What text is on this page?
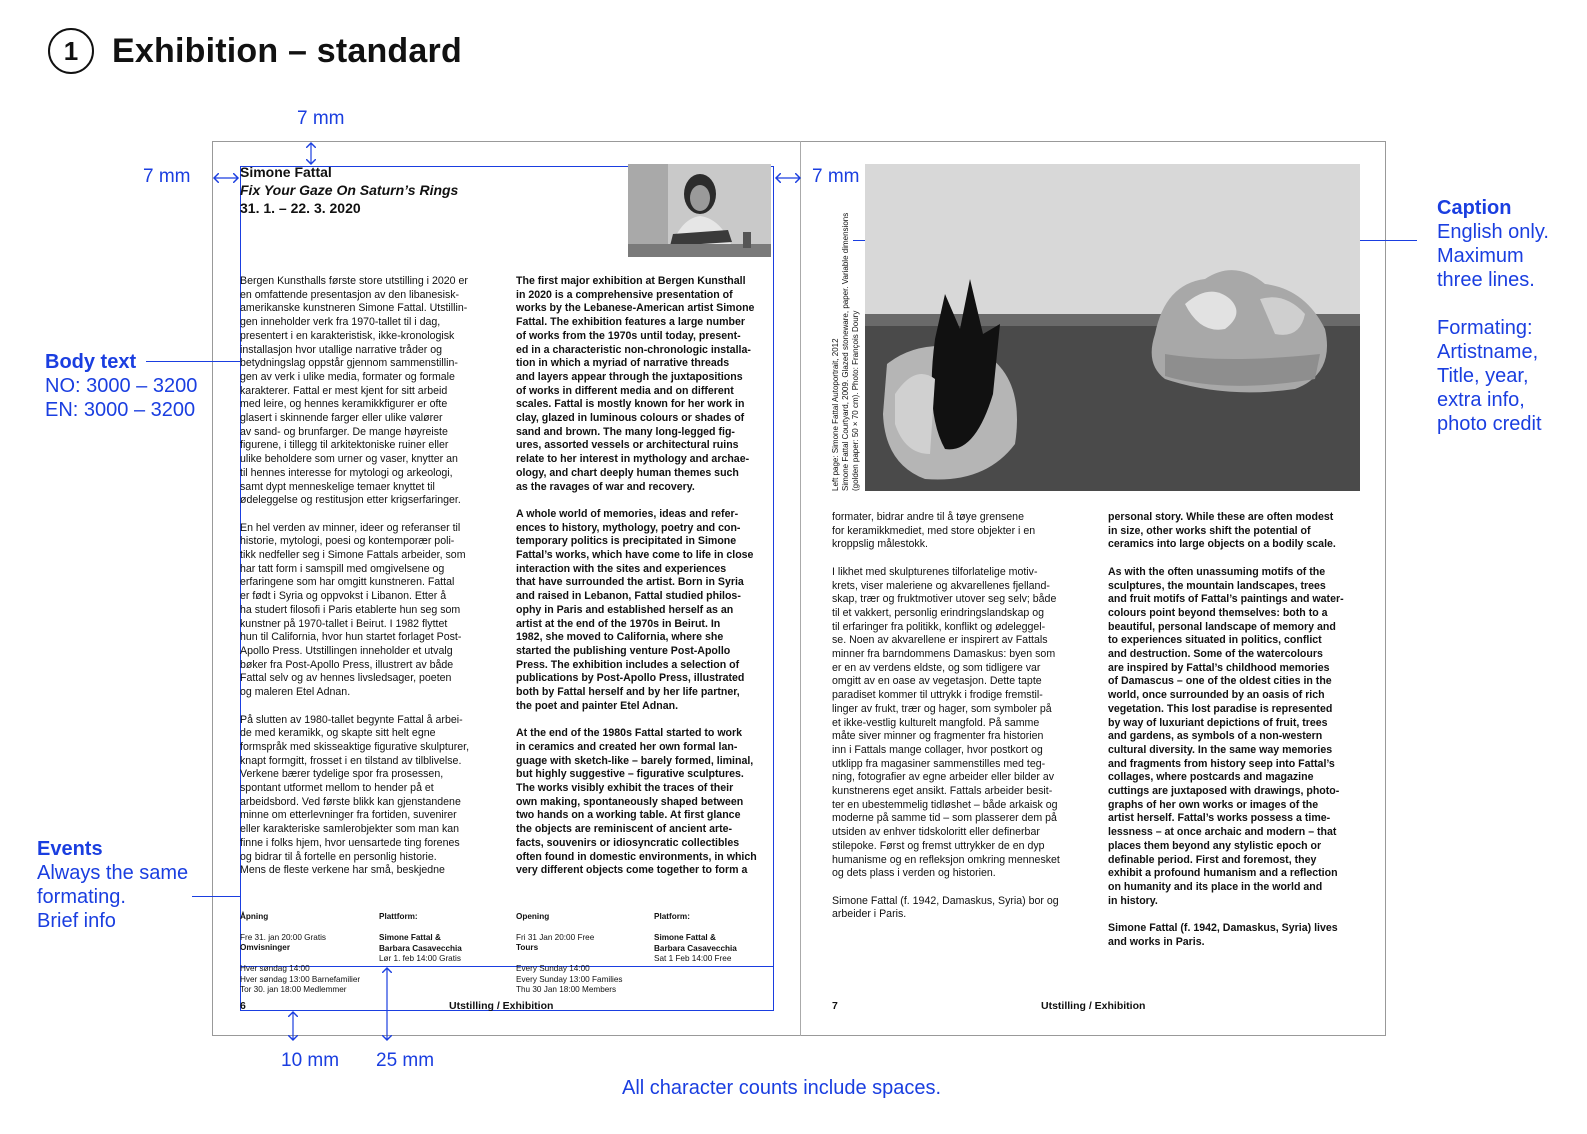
1 Exhibition – standard
7 mm
7 mm	7 mm
10 mm 25 mm
Body text
NO: 3000 – 3200
EN: 3000 – 3200
Events
Always the same
formating.
Brief info
Caption
English only.
Maximum
three lines.

Formating:
Artistname,
Title, year,
extra info,
photo credit
All character counts include spaces.
Simone Fattal
Fix Your Gaze On Saturn’s Rings
31. 1. – 22. 3. 2020
Bergen Kunsthalls første store utstilling i 2020 er
en omfattende presentasjon av den libanesisk-
amerikanske kunstneren Simone Fattal. Utstillin-
gen inneholder verk fra 1970-tallet til i dag,
presentert i en karakteristisk, ikke-kronologisk
installasjon hvor utallige narrative tråder og
betydningslag oppstår gjennom sammenstillin-
gen av verk i ulike media, formater og formale
karakterer. Fattal er mest kjent for sitt arbeid
med leire, og hennes keramikkfigurer er ofte
glasert i skinnende farger eller ulike valører
av sand- og brunfarger. De mange høyreiste
figurene, i tillegg til arkitektoniske ruiner eller
ulike beholdere som urner og vaser, knytter an
til hennes interesse for mytologi og arkeologi,
samt dypt menneskelige temaer knyttet til
ødeleggelse og restitusjon etter krigserfaringer.

En hel verden av minner, ideer og referanser til
historie, mytologi, poesi og kontemporær poli-
tikk nedfeller seg i Simone Fattals arbeider, som
har tatt form i samspill med omgivelsene og
erfaringene som har omgitt kunstneren. Fattal
er født i Syria og oppvokst i Libanon. Etter å
ha studert filosofi i Paris etablerte hun seg som
kunstner på 1970-tallet i Beirut. I 1982 flyttet
hun til California, hvor hun startet forlaget Post-
Apollo Press. Utstillingen inneholder et utvalg
bøker fra Post-Apollo Press, illustrert av både
Fattal selv og av hennes livsledsager, poeten
og maleren Etel Adnan.

På slutten av 1980-tallet begynte Fattal å arbei-
de med keramikk, og skapte sitt helt egne
formspråk med skisseaktige figurative skulpturer,
knapt formgitt, frosset i en tilstand av tilblivelse.
Verkene bærer tydelige spor fra prosessen,
spontant utformet mellom to hender på et
arbeidsbord. Ved første blikk kan gjenstandene
minne om etterlevninger fra fortiden, suvenirer
eller karakteriske samlerobjekter som man kan
finne i folks hjem, hvor uensartede ting forenes
og bidrar til å fortelle en personlig historie.
Mens de fleste verkene har små, beskjedne
The first major exhibition at Bergen Kunsthall
in 2020 is a comprehensive presentation of
works by the Lebanese-American artist Simone
Fattal. The exhibition features a large number
of works from the 1970s until today, present-
ed in a characteristic non-chronologic installa-
tion in which a myriad of narrative threads
and layers appear through the juxtapositions
of works in different media and on different
scales. Fattal is mostly known for her work in
clay, glazed in luminous colours or shades of
sand and brown. The many long-legged fig-
ures, assorted vessels or architectural ruins
relate to her interest in mythology and archae-
ology, and chart deeply human themes such
as the ravages of war and recovery.

A whole world of memories, ideas and refer-
ences to history, mythology, poetry and con-
temporary politics is precipitated in Simone
Fattal’s works, which have come to life in close
interaction with the sites and experiences
that have surrounded the artist. Born in Syria
and raised in Lebanon, Fattal studied philos-
ophy in Paris and established herself as an
artist at the end of the 1970s in Beirut. In
1982, she moved to California, where she
started the publishing venture Post-Apollo
Press. The exhibition includes a selection of
publications by Post-Apollo Press, illustrated
both by Fattal herself and by her life partner,
the poet and painter Etel Adnan.

At the end of the 1980s Fattal started to work
in ceramics and created her own formal lan-
guage with sketch-like – barely formed, liminal,
but highly suggestive – figurative sculptures.
The works visibly exhibit the traces of their
own making, spontaneously shaped between
two hands on a working table. At first glance
the objects are reminiscent of ancient arte-
facts, souvenirs or idiosyncratic collectibles
often found in domestic environments, in which
very different objects come together to form a

Åpning

Fre 31. jan 20:00 Gratis

Plattform:

Simone Fattal &
Barbara Casavecchia
Lør 1. feb 14:00 Gratis

Opening

Fri 31 Jan 20:00 Free

Platform:

Simone Fattal &
Barbara Casavecchia
Sat 1 Feb 14:00 Free

Omvisninger

Hver søndag 14:00
Hver søndag 13:00 Barnefamilier
Tor 30. jan 18:00 Medlemmer

Tours

Every Sunday 14:00
Every Sunday 13:00 Families
Thu 30 Jan 18:00 Members

6	Utstilling / Exhibition
Left page: Simone Fattal Autoportrait, 2012
Simone Fattal Courtyard, 2009. Glazed stoneware, paper. Variable dimensions
(golden paper: 50 × 70 cm). Photo: François Doury
formater, bidrar andre til å tøye grensene
for keramikkmediet, med store objekter i en
kroppslig målestokk.

I likhet med skulpturenes tilforlatelige motiv-
krets, viser maleriene og akvarellenes fjelland-
skap, trær og fruktmotiver utover seg selv; både
til et vakkert, personlig erindringslandskap og
til erfaringer fra politikk, konflikt og ødeleggel-
se. Noen av akvarellene er inspirert av Fattals
minner fra barndommens Damaskus: byen som
er en av verdens eldste, og som tidligere var
omgitt av en oase av vegetasjon. Dette tapte
paradiset kommer til uttrykk i frodige fremstil-
linger av frukt, trær og hager, som symboler på
et ikke-vestlig kulturelt mangfold. På samme
måte siver minner og fragmenter fra historien
inn i Fattals mange collager, hvor postkort og
utklipp fra magasiner sammenstilles med teg-
ning, fotografier av egne arbeider eller bilder av
kunstnerens eget ansikt. Fattals arbeider besit-
ter en ubestemmelig tidløshet – både arkaisk og
moderne på samme tid – som plasserer dem på
utsiden av enhver tidskoloritt eller definerbar
stilepoke. Først og fremst uttrykker de en dyp
humanisme og en refleksjon omkring mennesket
og dets plass i verden og historien.

Simone Fattal (f. 1942, Damaskus, Syria) bor og
arbeider i Paris.
personal story. While these are often modest
in size, other works shift the potential of
ceramics into large objects on a bodily scale.

As with the often unassuming motifs of the
sculptures, the mountain landscapes, trees
and fruit motifs of Fattal’s paintings and water-
colours point beyond themselves: both to a
beautiful, personal landscape of memory and
to experiences situated in politics, conflict
and destruction. Some of the watercolours
are inspired by Fattal’s childhood memories
of Damascus – one of the oldest cities in the
world, once surrounded by an oasis of rich
vegetation. This lost paradise is represented
by way of luxuriant depictions of fruit, trees
and gardens, as symbols of a non-western
cultural diversity. In the same way memories
and fragments from history seep into Fattal’s
collages, where postcards and magazine
cuttings are juxtaposed with drawings, photo-
graphs of her own works or images of the
artist herself. Fattal’s works possess a time-
lessness – at once archaic and modern – that
places them beyond any stylistic epoch or
definable period. First and foremost, they
exhibit a profound humanism and a reflection
on humanity and its place in the world and
in history.

Simone Fattal (f. 1942, Damaskus, Syria) lives
and works in Paris.
7	Utstilling / Exhibition
